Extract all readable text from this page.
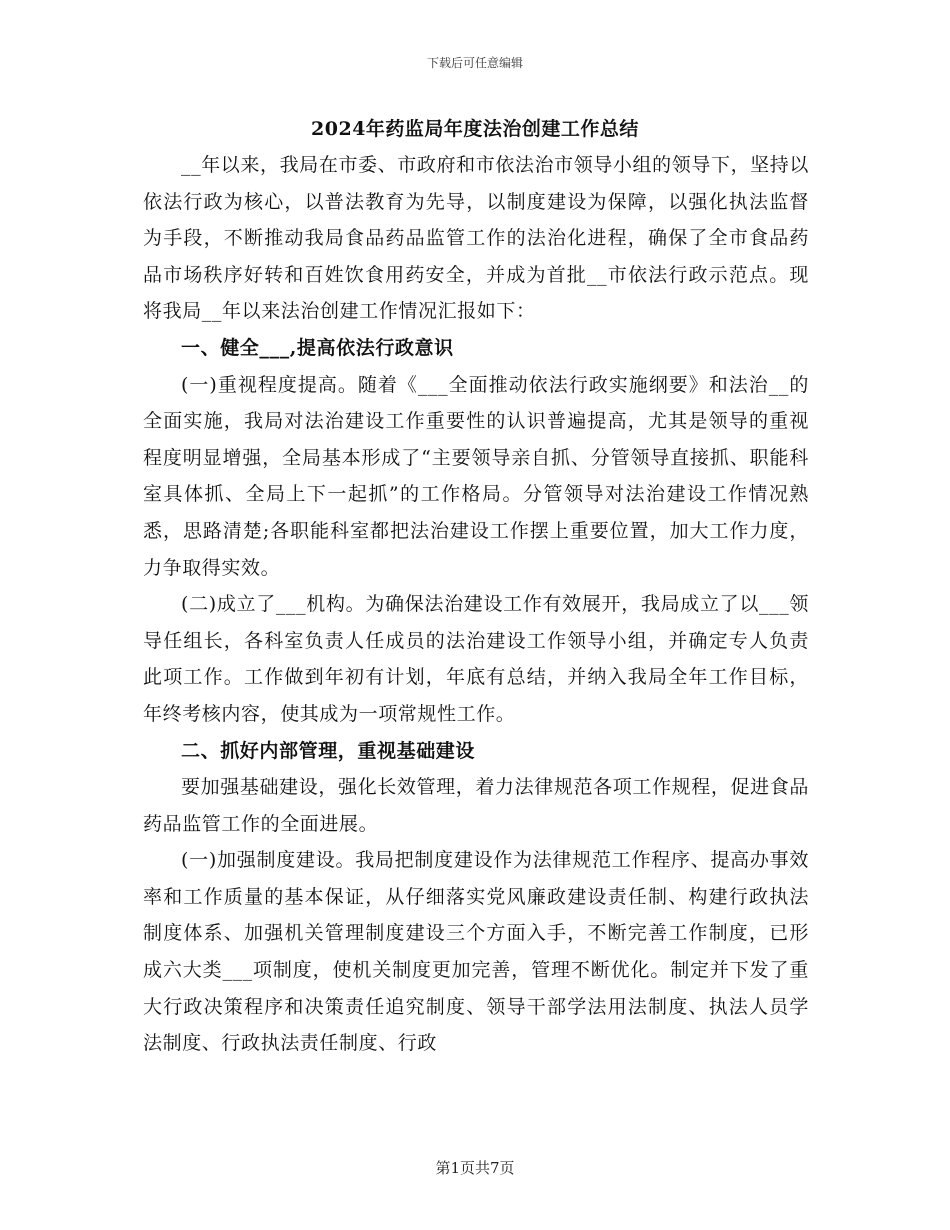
下载后可任意编辑
2024年药监局年度法治创建工作总结

__年以来，我局在市委、市政府和市依法治市领导小组的领导下，坚持以依法行政为核心，以普法教育为先导，以制度建设为保障，以强化执法监督为手段，不断推动我局食品药品监管工作的法治化进程，确保了全市食品药品市场秩序好转和百姓饮食用药安全，并成为首批__市依法行政示范点。现将我局__年以来法治创建工作情况汇报如下：

一、健全___,提高依法行政意识

(一)重视程度提高。随着《___全面推动依法行政实施纲要》和法治__的全面实施，我局对法治建设工作重要性的认识普遍提高，尤其是领导的重视程度明显增强，全局基本形成了“主要领导亲自抓、分管领导直接抓、职能科室具体抓、全局上下一起抓”的工作格局。分管领导对法治建设工作情况熟悉，思路清楚;各职能科室都把法治建设工作摆上重要位置，加大工作力度，力争取得实效。

(二)成立了___机构。为确保法治建设工作有效展开，我局成立了以___领导任组长，各科室负责人任成员的法治建设工作领导小组，并确定专人负责此项工作。工作做到年初有计划，年底有总结，并纳入我局全年工作目标，年终考核内容，使其成为一项常规性工作。

二、抓好内部管理，重视基础建设

要加强基础建设，强化长效管理，着力法律规范各项工作规程，促进食品药品监管工作的全面进展。

(一)加强制度建设。我局把制度建设作为法律规范工作程序、提高办事效率和工作质量的基本保证，从仔细落实党风廉政建设责任制、构建行政执法制度体系、加强机关管理制度建设三个方面入手，不断完善工作制度，已形成六大类___项制度，使机关制度更加完善，管理不断优化。制定并下发了重大行政决策程序和决策责任追究制度、领导干部学法用法制度、执法人员学法制度、行政执法责任制度、行政

第1页共7页
